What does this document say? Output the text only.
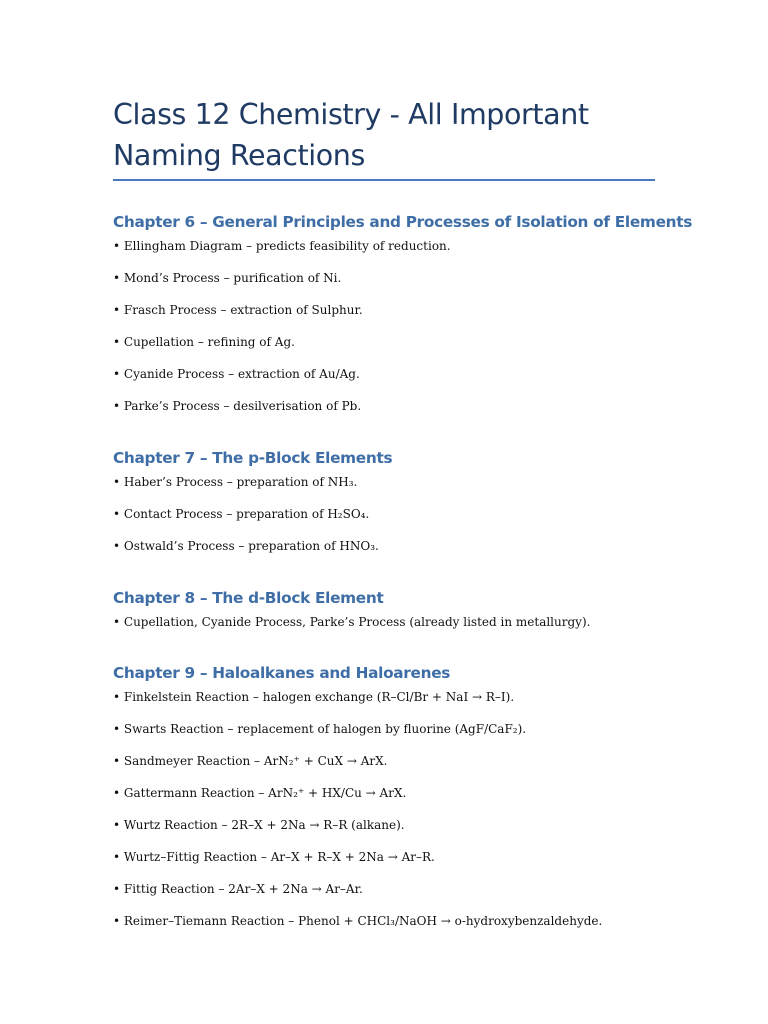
Class 12 Chemistry - All Important
Naming Reactions
Chapter 6 – General Principles and Processes of Isolation of Elements
• Ellingham Diagram – predicts feasibility of reduction.
• Mond’s Process – purification of Ni.
• Frasch Process – extraction of Sulphur.
• Cupellation – refining of Ag.
• Cyanide Process – extraction of Au/Ag.
• Parke’s Process – desilverisation of Pb.
Chapter 7 – The p-Block Elements
• Haber’s Process – preparation of NH₃.
• Contact Process – preparation of H₂SO₄.
• Ostwald’s Process – preparation of HNO₃.
Chapter 8 – The d-Block Element
• Cupellation, Cyanide Process, Parke’s Process (already listed in metallurgy).
Chapter 9 – Haloalkanes and Haloarenes
• Finkelstein Reaction – halogen exchange (R–Cl/Br + NaI → R–I).
• Swarts Reaction – replacement of halogen by fluorine (AgF/CaF₂).
• Sandmeyer Reaction – ArN₂⁺ + CuX → ArX.
• Gattermann Reaction – ArN₂⁺ + HX/Cu → ArX.
• Wurtz Reaction – 2R–X + 2Na → R–R (alkane).
• Wurtz–Fittig Reaction – Ar–X + R–X + 2Na → Ar–R.
• Fittig Reaction – 2Ar–X + 2Na → Ar–Ar.
• Reimer–Tiemann Reaction – Phenol + CHCl₃/NaOH → o-hydroxybenzaldehyde.
